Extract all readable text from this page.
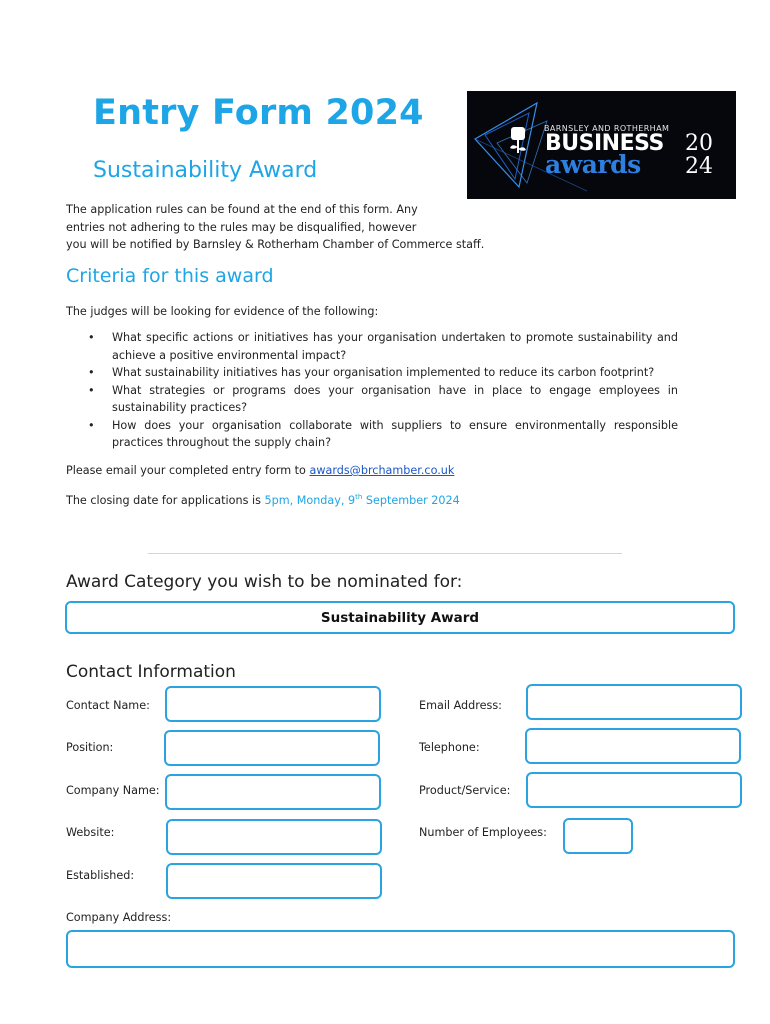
Entry Form 2024
Sustainability Award
BARNSLEY AND ROTHERHAM
BUSINESS
awards
20
24
The application rules can be found at the end of this form. Any
entries not adhering to the rules may be disqualified, however
you will be notified by Barnsley & Rotherham Chamber of Commerce staff.
Criteria for this award
The judges will be looking for evidence of the following:
• What specific actions or initiatives has your organisation undertaken to promote sustainability and achieve a positive environmental impact?
• What sustainability initiatives has your organisation implemented to reduce its carbon footprint?
• What strategies or programs does your organisation have in place to engage employees in sustainability practices?
• How does your organisation collaborate with suppliers to ensure environmentally responsible practices throughout the supply chain?
Please email your completed entry form to awards@brchamber.co.uk
The closing date for applications is 5pm, Monday, 9th September 2024
Award Category you wish to be nominated for:
Sustainability Award
Contact Information
Contact Name:	Email Address:
Position:	Telephone:
Company Name:	Product/Service:
Website:	Number of Employees:
Established:
Company Address:
